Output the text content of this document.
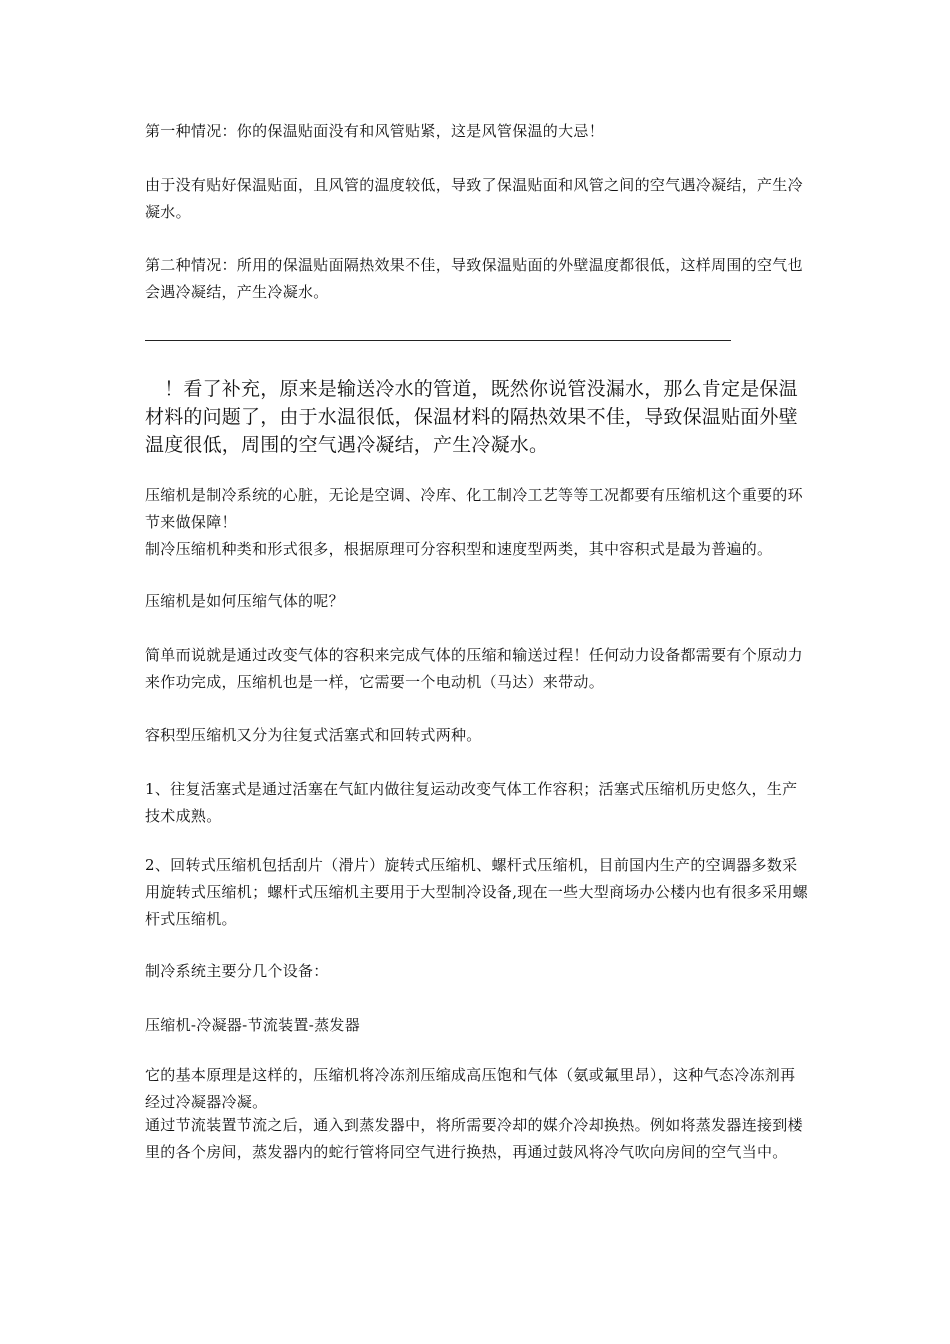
第一种情况：你的保温贴面没有和风管贴紧，这是风管保温的大忌！

由于没有贴好保温贴面，且风管的温度较低，导致了保温贴面和风管之间的空气遇冷凝结，产生冷凝水。

第二种情况：所用的保温贴面隔热效果不佳，导致保温贴面的外壁温度都很低，这样周围的空气也会遇冷凝结，产生冷凝水。

　！看了补充，原来是输送冷水的管道，既然你说管没漏水，那么肯定是保温材料的问题了，由于水温很低，保温材料的隔热效果不佳，导致保温贴面外壁温度很低，周围的空气遇冷凝结，产生冷凝水。

压缩机是制冷系统的心脏，无论是空调、冷库、化工制冷工艺等等工况都要有压缩机这个重要的环节来做保障！

制冷压缩机种类和形式很多，根据原理可分容积型和速度型两类，其中容积式是最为普遍的。

压缩机是如何压缩气体的呢？

简单而说就是通过改变气体的容积来完成气体的压缩和输送过程！任何动力设备都需要有个原动力来作功完成，压缩机也是一样，它需要一个电动机（马达）来带动。

容积型压缩机又分为往复式活塞式和回转式两种。

1、往复活塞式是通过活塞在气缸内做往复运动改变气体工作容积；活塞式压缩机历史悠久，生产技术成熟。

2、回转式压缩机包括刮片（滑片）旋转式压缩机、螺杆式压缩机，目前国内生产的空调器多数采用旋转式压缩机；螺杆式压缩机主要用于大型制冷设备,现在一些大型商场办公楼内也有很多采用螺杆式压缩机。

制冷系统主要分几个设备：

压缩机-冷凝器-节流装置-蒸发器

它的基本原理是这样的，压缩机将冷冻剂压缩成高压饱和气体（氨或氟里昂），这种气态冷冻剂再经过冷凝器冷凝。

通过节流装置节流之后，通入到蒸发器中，将所需要冷却的媒介冷却换热。例如将蒸发器连接到楼里的各个房间，蒸发器内的蛇行管将同空气进行换热，再通过鼓风将冷气吹向房间的空气当中。
